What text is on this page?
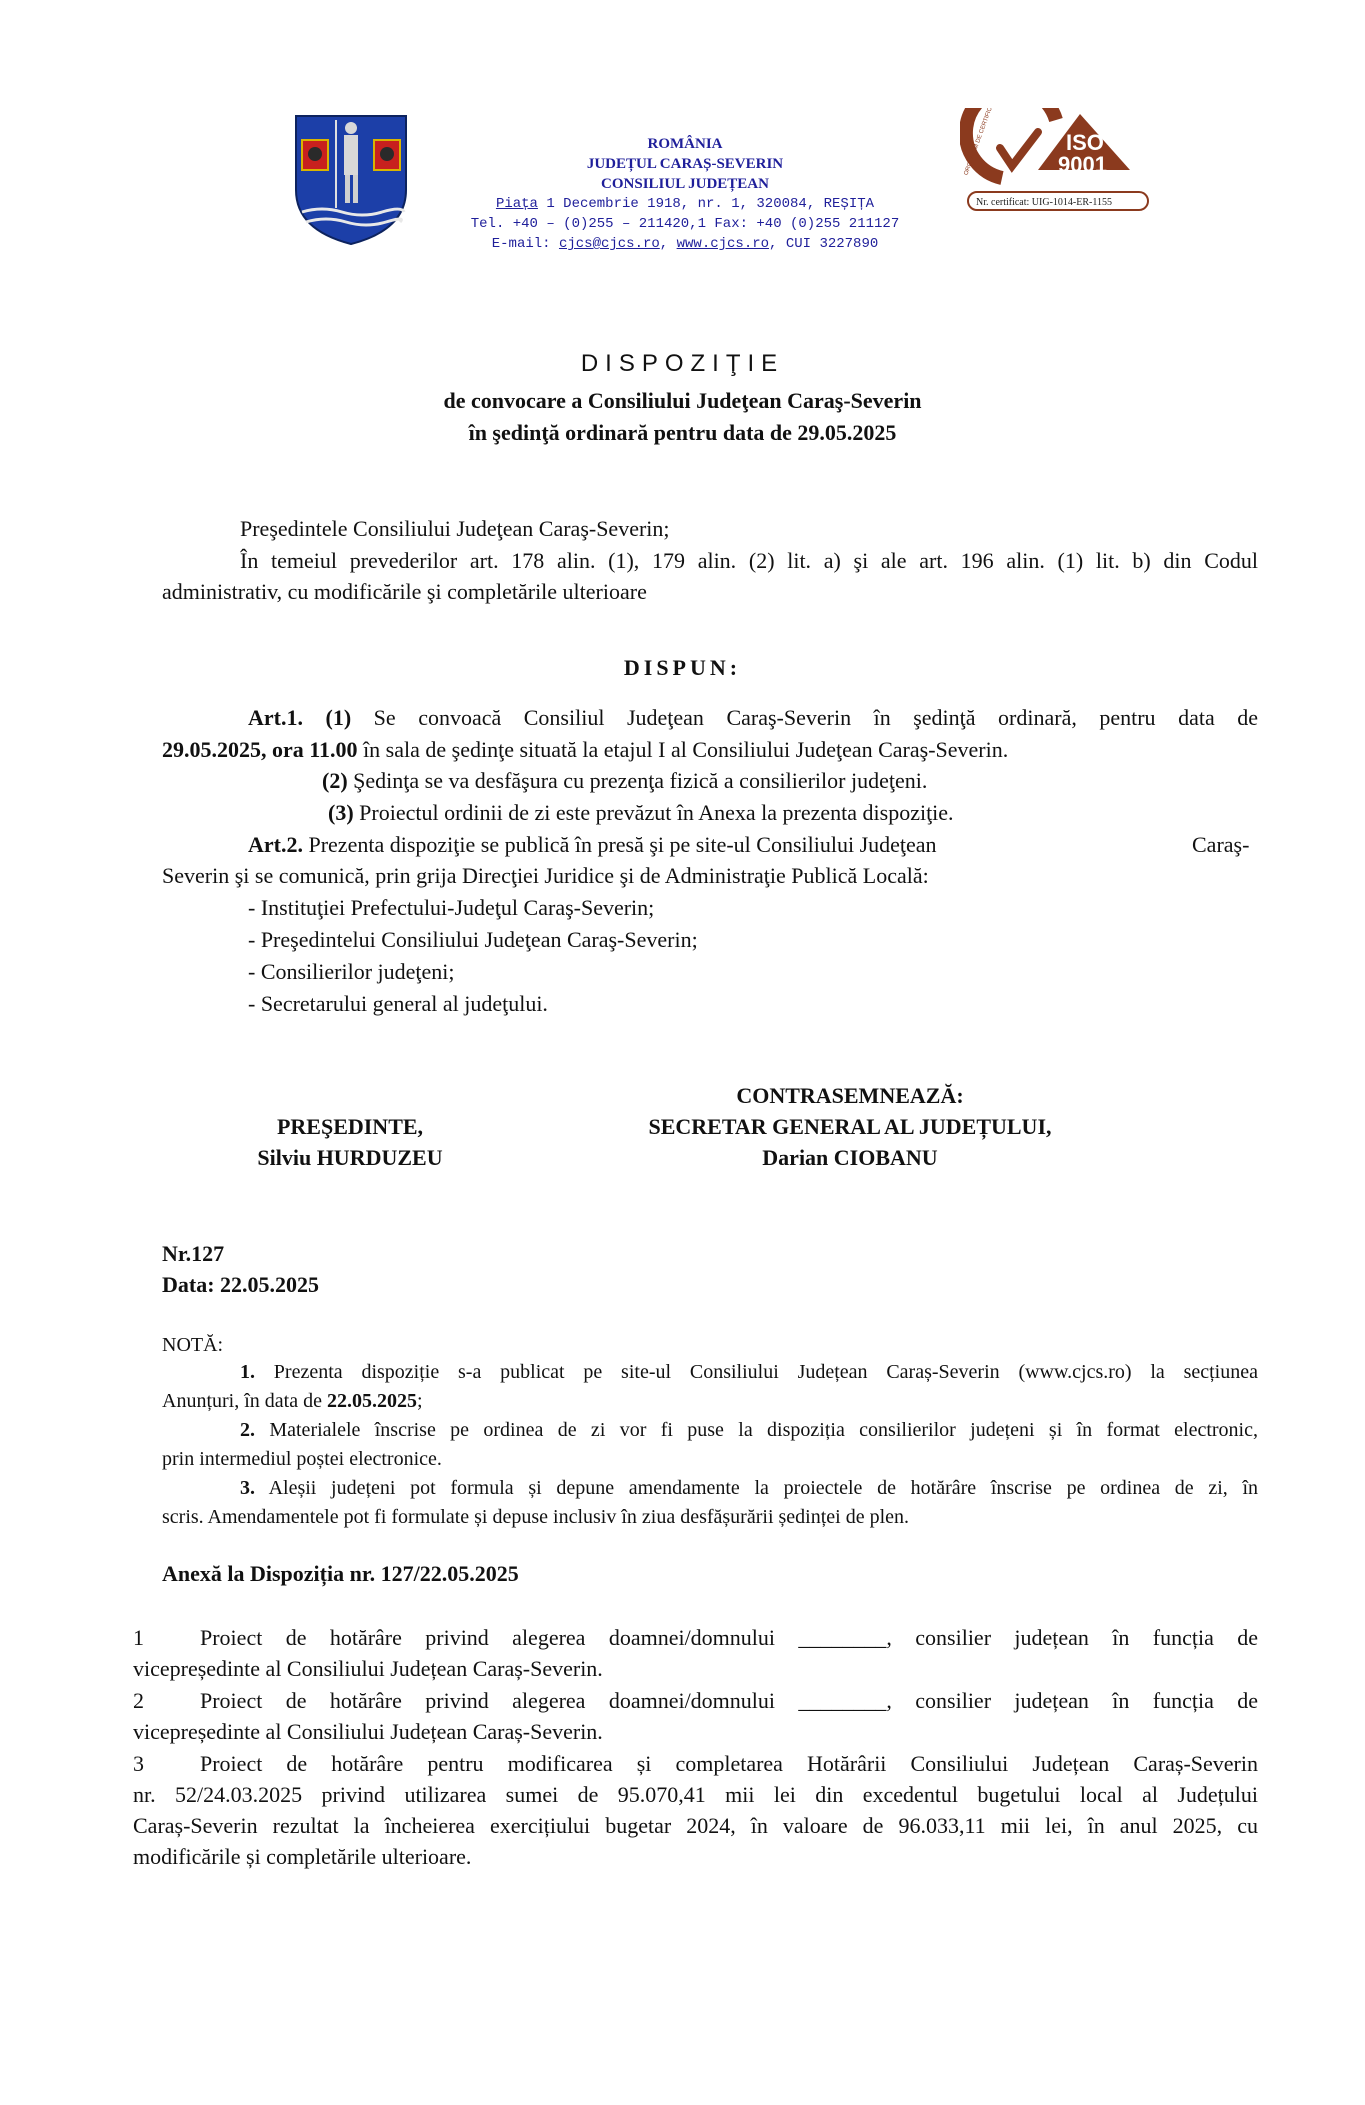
ROMÂNIA
JUDEȚUL CARAȘ-SEVERIN
CONSILIUL JUDEȚEAN
Piața 1 Decembrie 1918, nr. 1, 320084, REȘIȚA
Tel. +40 – (0)255 – 211420,1 Fax: +40 (0)255 211127
E-mail: cjcs@cjcs.ro, www.cjcs.ro, CUI 3227890
UNICERT
ORGANISM DE CERTIFICARE	ISO
9001
Nr. certificat: UIG-1014-ER-1155
DISPOZIŢIE
de convocare a Consiliului Judeţean Caraş-Severin
în şedinţă ordinară pentru data de 29.05.2025
Preşedintele Consiliului Judeţean Caraş-Severin;
În temeiul prevederilor art. 178 alin. (1), 179 alin. (2) lit. a) şi ale art. 196 alin. (1) lit. b) din Codul
administrativ, cu modificările şi completările ulterioare
DISPUN:
Art.1. (1) Se convoacă Consiliul Judeţean Caraş-Severin în şedinţă ordinară, pentru data de
29.05.2025, ora 11.00 în sala de şedinţe situată la etajul I al Consiliului Judeţean Caraş-Severin.
(2) Şedinţa se va desfăşura cu prezenţa fizică a consilierilor judeţeni.
(3) Proiectul ordinii de zi este prevăzut în Anexa la prezenta dispoziţie.
Art.2. Prezenta dispoziţie se publică în presă şi pe site-ul Consiliului Judeţean	Caraş-
Severin şi se comunică, prin grija Direcţiei Juridice şi de Administraţie Publică Locală:
- Instituţiei Prefectului-Judeţul Caraş-Severin;
- Preşedintelui Consiliului Judeţean Caraş-Severin;
- Consilierilor judeţeni;
- Secretarului general al judeţului.
CONTRASEMNEAZĂ:
PREŞEDINTE,
Silviu HURDUZEU
SECRETAR GENERAL AL JUDEȚULUI,
Darian CIOBANU
Nr.127
Data: 22.05.2025
NOTĂ:
1. Prezenta dispoziție s-a publicat pe site-ul Consiliului Județean Caraș-Severin (www.cjcs.ro) la secțiunea
Anunțuri, în data de 22.05.2025;
2. Materialele înscrise pe ordinea de zi vor fi puse la dispoziția consilierilor județeni și în format electronic,
prin intermediul poștei electronice.
3. Aleșii județeni pot formula și depune amendamente la proiectele de hotărâre înscrise pe ordinea de zi, în
scris. Amendamentele pot fi formulate și depuse inclusiv în ziua desfășurării ședinței de plen.
Anexă la Dispoziția nr. 127/22.05.2025
1	Proiect de hotărâre privind alegerea doamnei/domnului ________, consilier județean în funcția de
vicepreședinte al Consiliului Județean Caraș-Severin.
2	Proiect de hotărâre privind alegerea doamnei/domnului ________, consilier județean în funcția de
vicepreședinte al Consiliului Județean Caraș-Severin.
3	Proiect de hotărâre pentru modificarea și completarea Hotărârii Consiliului Județean Caraș-Severin
nr. 52/24.03.2025 privind utilizarea sumei de 95.070,41 mii lei din excedentul bugetului local al Județului
Caraș-Severin rezultat la încheierea exercițiului bugetar 2024, în valoare de 96.033,11 mii lei, în anul 2025, cu
modificările și completările ulterioare.
